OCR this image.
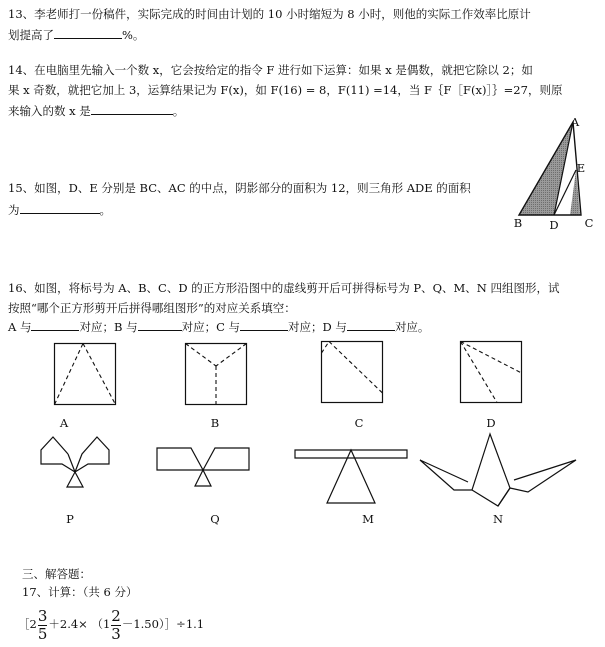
13、李老师打一份稿件，实际完成的时间由计划的 10 小时缩短为 8 小时，则他的实际工作效率比原计
划提高了	%。
14、在电脑里先输入一个数 x，它会按给定的指令 F 进行如下运算：如果 x 是偶数，就把它除以 2；如
果 x 奇数，就把它加上 3，运算结果记为 F(x)，如 F(16) = 8，F(11) =14，当 F｛F［F(x)］｝=27，则原
来输入的数 x 是	。
15、如图，D、E 分别是 BC、AC 的中点，阴影部分的面积为 12，则三角形 ADE 的面积
为	。
A
E
B	D	C
16、如图，将标号为 A、B、C、D 的正方形沿图中的虚线剪开后可拼得标号为 P、Q、M、N 四组图形，试
按照“哪个正方形剪开后拼得哪组图形”的对应关系填空：
A 与	对应；B 与	对应；C 与	对应；D 与	对应。
A	B	C	D
P	Q	M	N
三、解答题：
17、计算：（共 6 分）
$[2\frac{3}{5}+2.4\times$ $(1\frac{2}{3}-1.50)]\div 1.1$
